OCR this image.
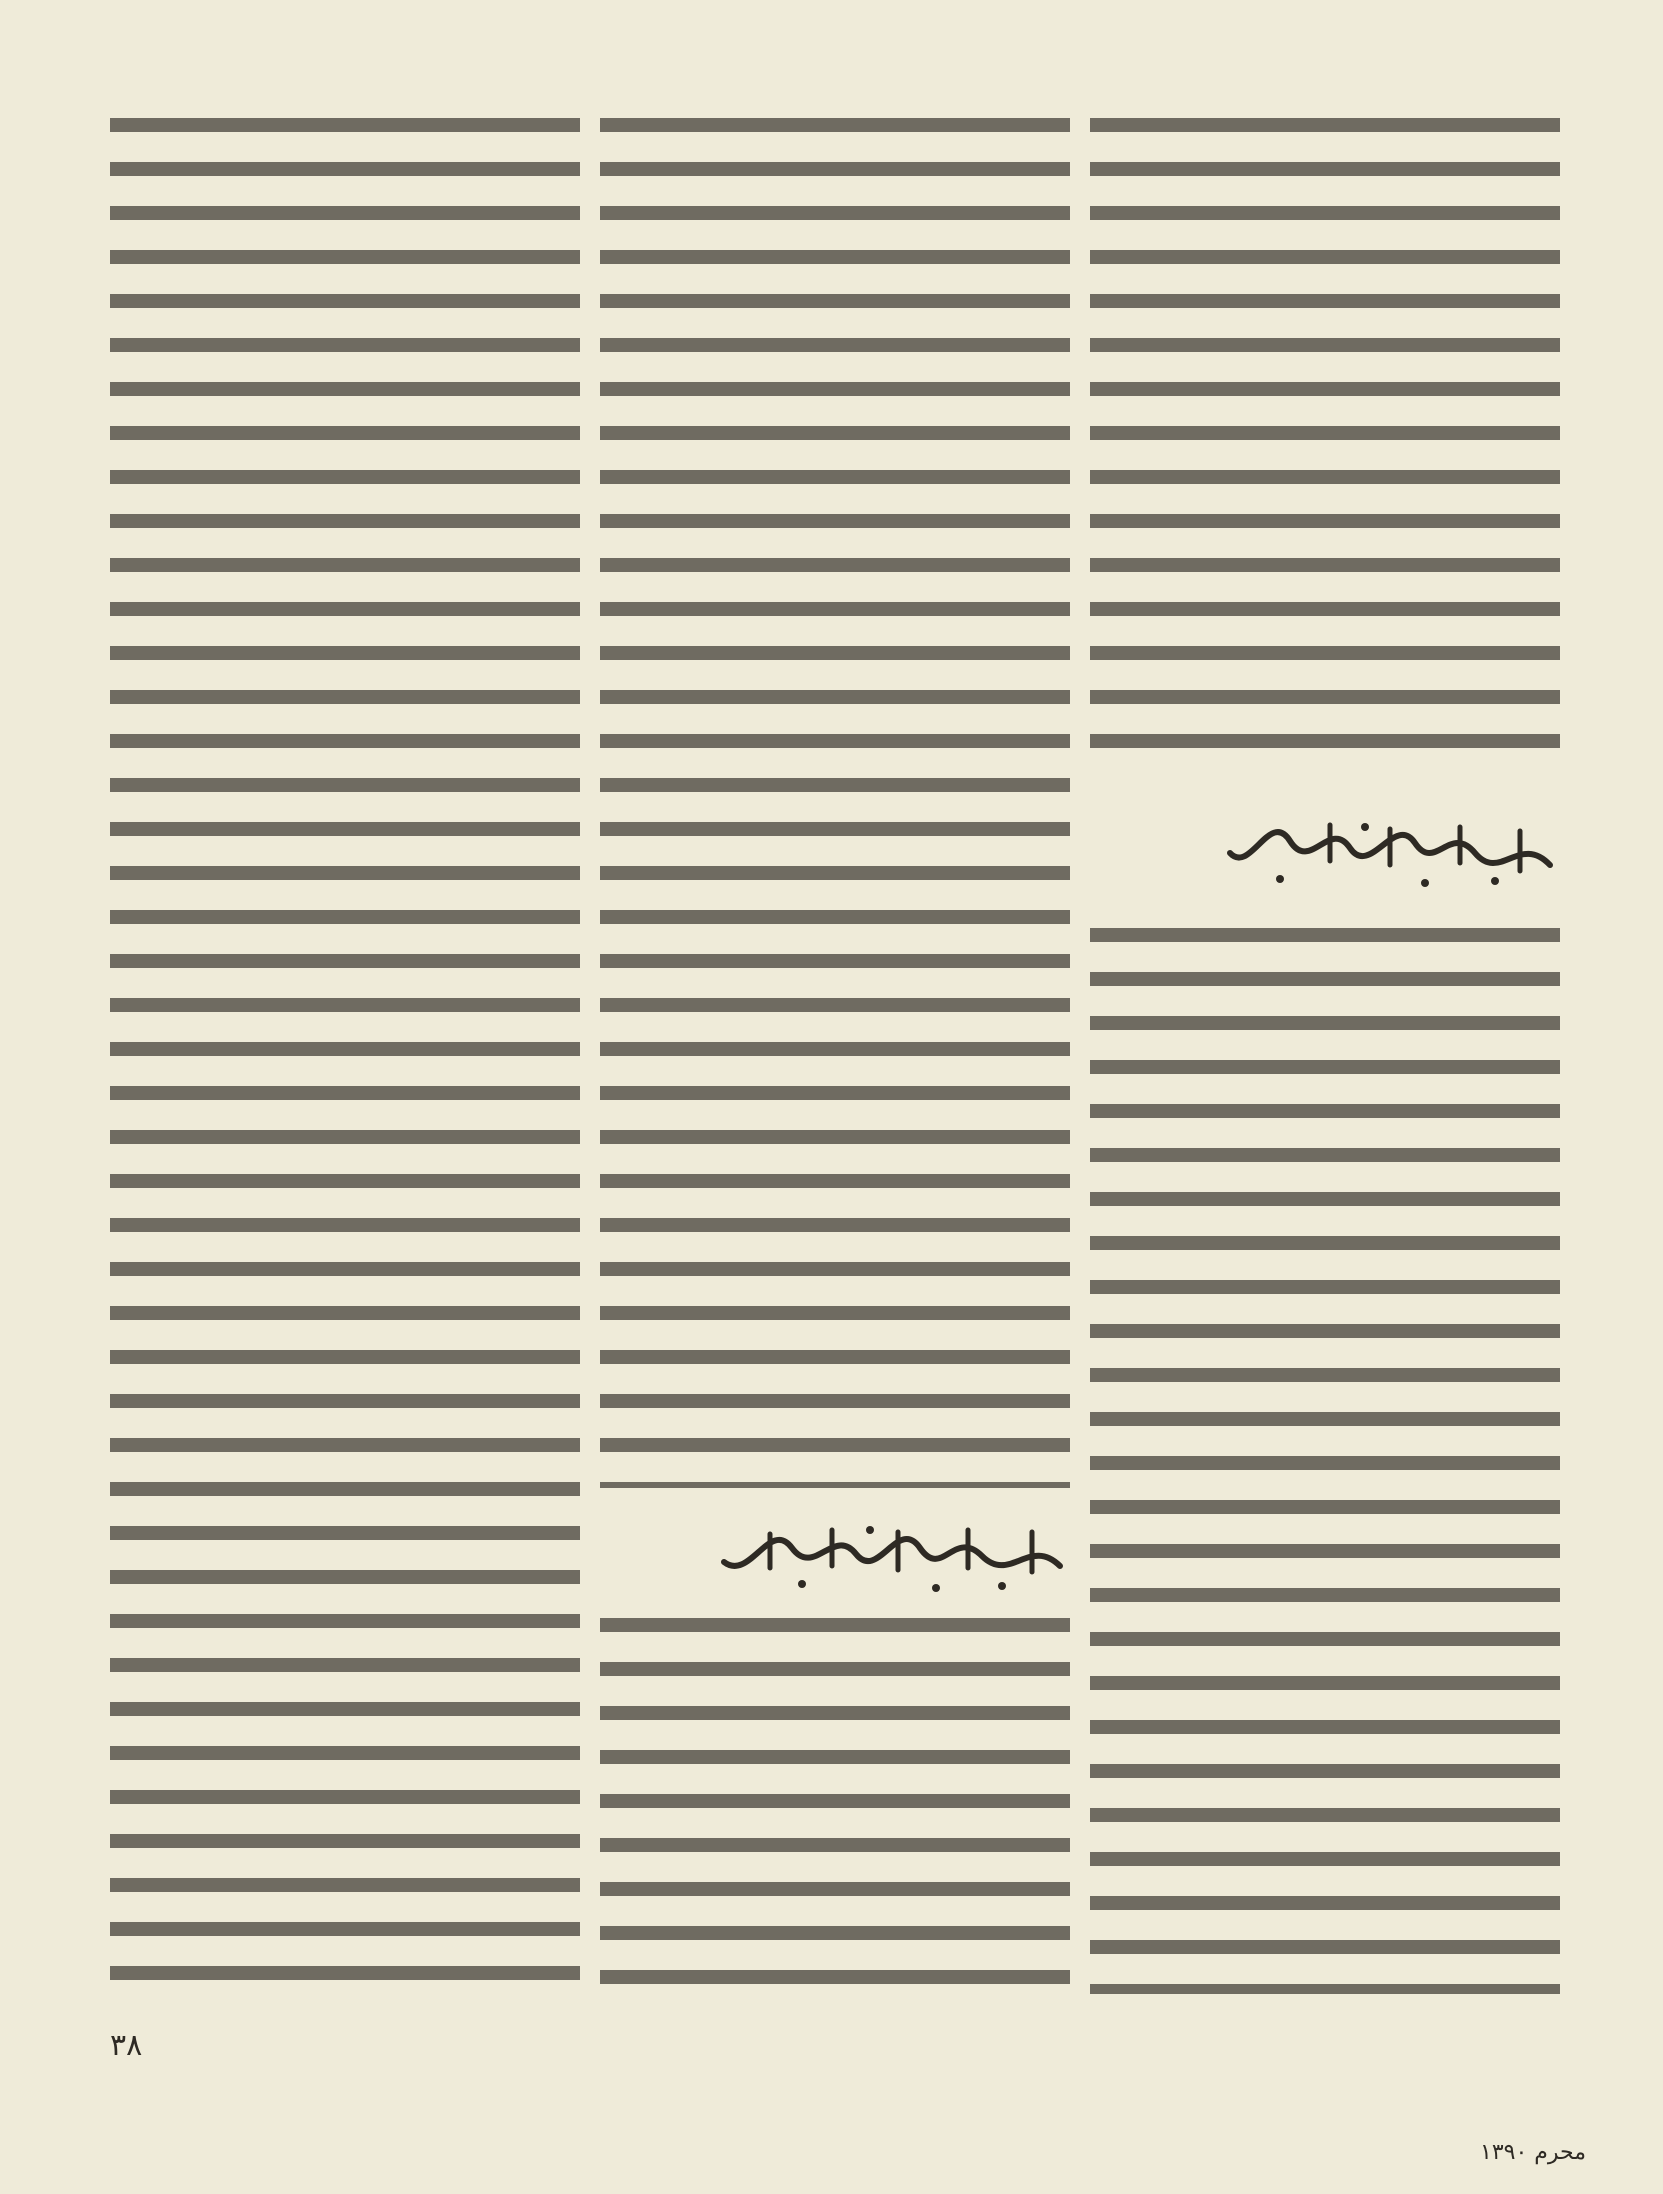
٣٨
محرم ١٣٩٠
